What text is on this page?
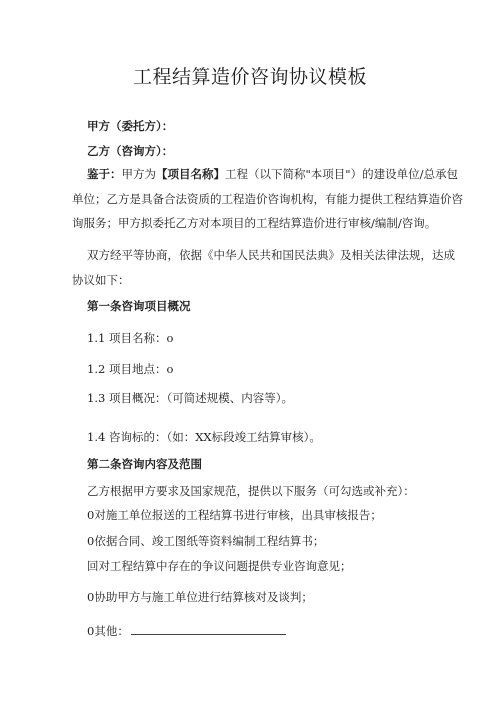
工程结算造价咨询协议模板
甲方（委托方）：
乙方（咨询方）：
鉴于：甲方为【项目名称】工程（以下简称"本项目"）的建设单位/总承包
单位；乙方是具备合法资质的工程造价咨询机构，有能力提供工程结算造价咨
询服务；甲方拟委托乙方对本项目的工程结算造价进行审核/编制/咨询。
双方经平等协商，依据《中华人民共和国民法典》及相关法律法规，达成
协议如下：
第一条咨询项目概况
1.1 项目名称：o
1.2 项目地点：o
1.3 项目概况：（可简述规模、内容等）。
1.4 咨询标的：（如：XX标段竣工结算审核）。
第二条咨询内容及范围
乙方根据甲方要求及国家规范，提供以下服务（可勾选或补充）：
0对施工单位报送的工程结算书进行审核，出具审核报告；
0依据合同、竣工图纸等资料编制工程结算书；
回对工程结算中存在的争议问题提供专业咨询意见；
0协助甲方与施工单位进行结算核对及谈判；
0其他：
